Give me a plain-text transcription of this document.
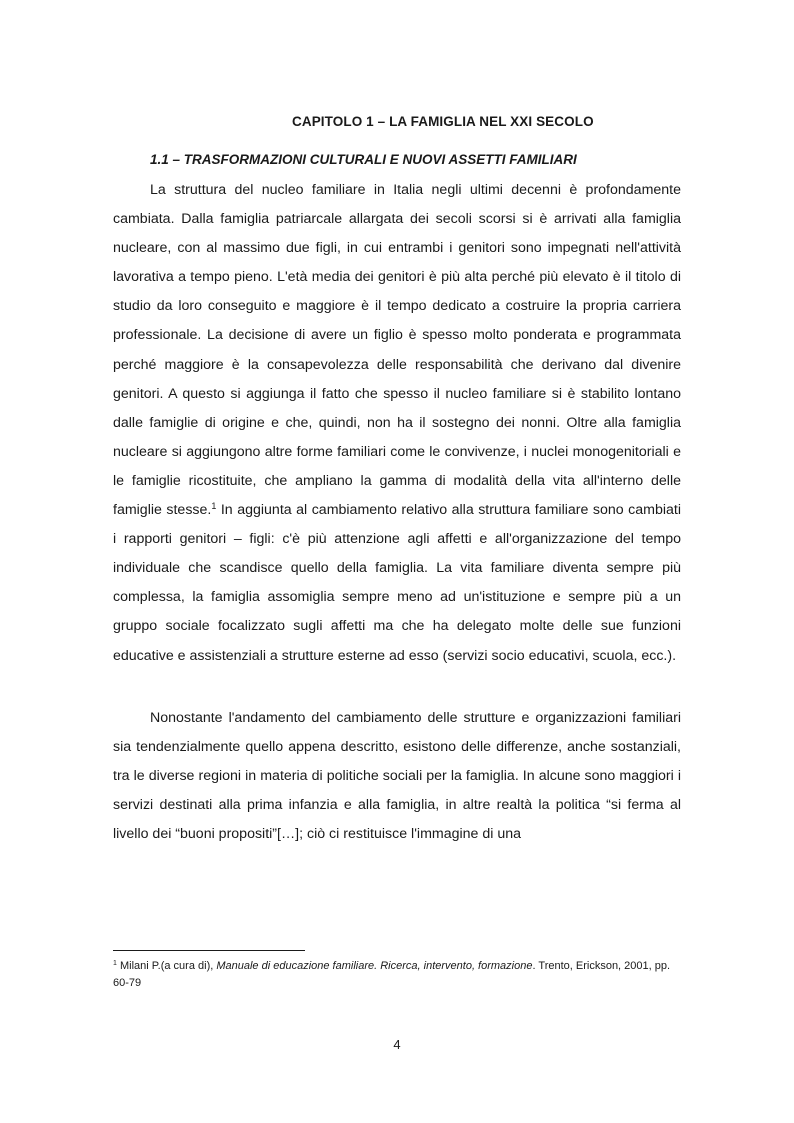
CAPITOLO 1 – LA FAMIGLIA NEL XXI SECOLO
1.1 – TRASFORMAZIONI CULTURALI E NUOVI ASSETTI FAMILIARI

La struttura del nucleo familiare in Italia negli ultimi decenni è profondamente cambiata. Dalla famiglia patriarcale allargata dei secoli scorsi si è arrivati alla famiglia nucleare, con al massimo due figli, in cui entrambi i genitori sono impegnati nell'attività lavorativa a tempo pieno. L'età media dei genitori è più alta perché più elevato è il titolo di studio da loro conseguito e maggiore è il tempo dedicato a costruire la propria carriera professionale. La decisione di avere un figlio è spesso molto ponderata e programmata perché maggiore è la consapevolezza delle responsabilità che derivano dal divenire genitori. A questo si aggiunga il fatto che spesso il nucleo familiare si è stabilito lontano dalle famiglie di origine e che, quindi, non ha il sostegno dei nonni. Oltre alla famiglia nucleare si aggiungono altre forme familiari come le convivenze, i nuclei monogenitoriali e le famiglie ricostituite, che ampliano la gamma di modalità della vita all'interno delle famiglie stesse.$^1$ In aggiunta al cambiamento relativo alla struttura familiare sono cambiati i rapporti genitori – figli: c'è più attenzione agli affetti e all'organizzazione del tempo individuale che scandisce quello della famiglia. La vita familiare diventa sempre più complessa, la famiglia assomiglia sempre meno ad un'istituzione e sempre più a un gruppo sociale focalizzato sugli affetti ma che ha delegato molte delle sue funzioni educative e assistenziali a strutture esterne ad esso (servizi socio educativi, scuola, ecc.).

Nonostante l'andamento del cambiamento delle strutture e organizzazioni familiari sia tendenzialmente quello appena descritto, esistono delle differenze, anche sostanziali, tra le diverse regioni in materia di politiche sociali per la famiglia. In alcune sono maggiori i servizi destinati alla prima infanzia e alla famiglia, in altre realtà la politica “si ferma al livello dei “buoni propositi”[…]; ciò ci restituisce l'immagine di una

$^1$ Milani P.(a cura di), Manuale di educazione familiare. Ricerca, intervento, formazione. Trento, Erickson, 2001, pp. 60-79
4
